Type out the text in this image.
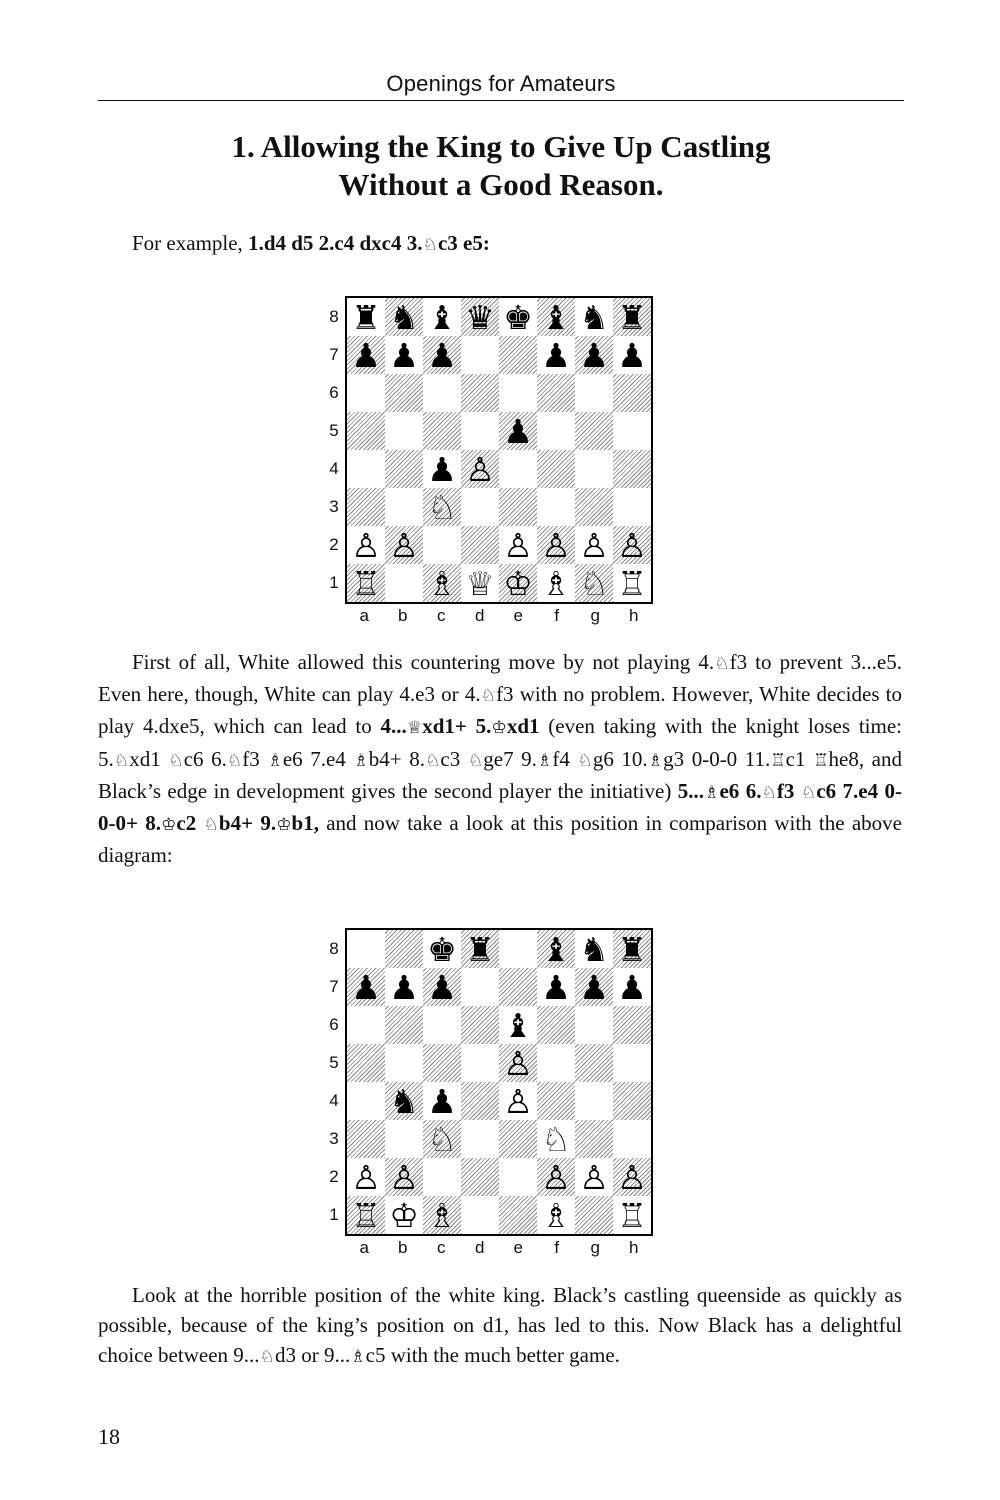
Openings for Amateurs
1. Allowing the King to Give Up Castling
Without a Good Reason.

For example, 1.d4 d5 2.c4 dxc4 3.♘c3 e5:

8
7
6
5
4
3
2
1
♜ ♞ ♝ ♛ ♚ ♝ ♞ ♜
♟ ♟ ♟	♟ ♟ ♟
♟
♟ ♙
♘
♙ ♙	♙ ♙ ♙ ♙
♖ ♗ ♕ ♔ ♗ ♘ ♖
a	b	c	d	e	f	g	h

First of all, White allowed this countering move by not playing 4.♘f3 to prevent 3...e5. Even here, though, White can play 4.e3 or 4.♘f3 with no problem. However, White decides to play 4.dxe5, which can lead to 4...♕xd1+ 5.♔xd1 (even taking with the knight loses time: 5.♘xd1 ♘c6 6.♘f3 ♗e6 7.e4 ♗b4+ 8.♘c3 ♘ge7 9.♗f4 ♘g6 10.♗g3 0-0-0 11.♖c1 ♖he8, and Black’s edge in development gives the second player the initiative) 5...♗e6 6.♘f3 ♘c6 7.e4 0-0-0+ 8.♔c2 ♘b4+ 9.♔b1, and now take a look at this position in comparison with the above diagram:

8
7
6
5
4
3
2
1
♚ ♜ ♝ ♞ ♜
♟ ♟ ♟	♟ ♟ ♟
♝
♙
♞ ♟ ♙
♘	♘
♙ ♙	♙ ♙ ♙
♖ ♔ ♗	♗ ♖
a	b	c	d	e	f	g	h

Look at the horrible position of the white king. Black’s castling queenside as quickly as possible, because of the king’s position on d1, has led to this. Now Black has a delightful choice between 9...♘d3 or 9...♗c5 with the much better game.

18
